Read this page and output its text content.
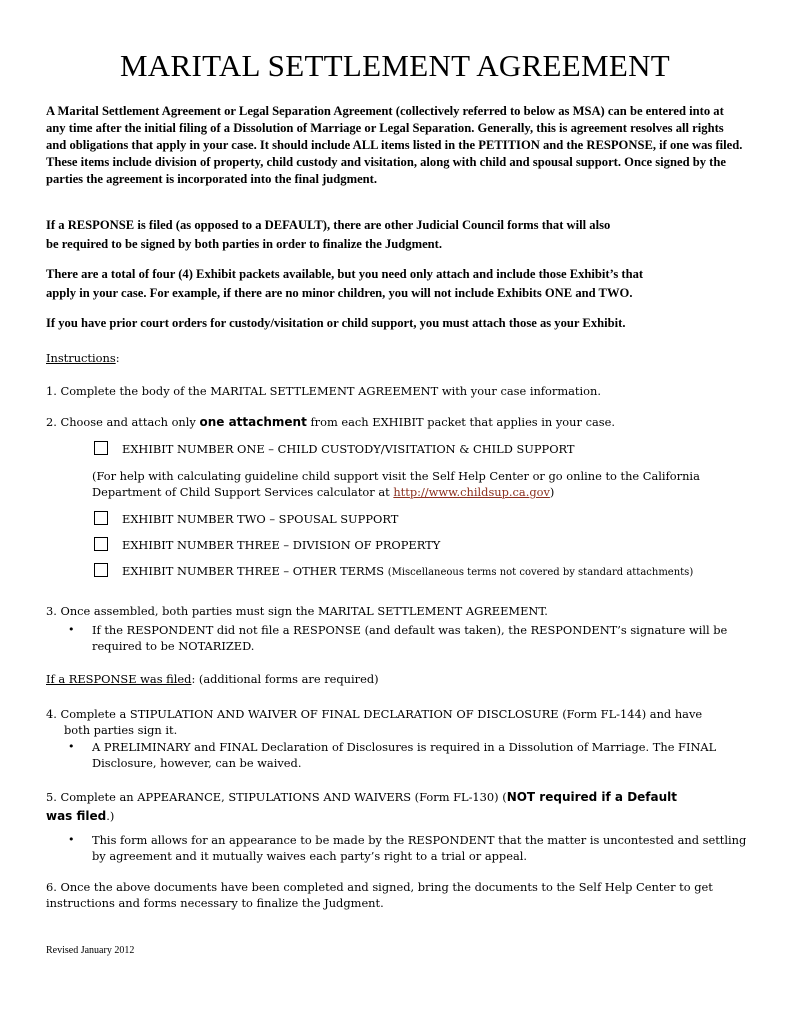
MARITAL SETTLEMENT AGREEMENT
A Marital Settlement Agreement or Legal Separation Agreement (collectively referred to below as MSA) can be entered into at any time after the initial filing of a Dissolution of Marriage or Legal Separation. Generally, this is agreement resolves all rights and obligations that apply in your case. It should include ALL items listed in the PETITION and the RESPONSE, if one was filed. These items include division of property, child custody and visitation, along with child and spousal support. Once signed by the parties the agreement is incorporated into the final judgment.
If a RESPONSE is filed (as opposed to a DEFAULT), there are other Judicial Council forms that will also
be required to be signed by both parties in order to finalize the Judgment.
There are a total of four (4) Exhibit packets available, but you need only attach and include those Exhibit’s that
apply in your case. For example, if there are no minor children, you will not include Exhibits ONE and TWO.
If you have prior court orders for custody/visitation or child support, you must attach those as your Exhibit.
Instructions:
1. Complete the body of the MARITAL SETTLEMENT AGREEMENT with your case information.
2. Choose and attach only one attachment from each EXHIBIT packet that applies in your case.
EXHIBIT NUMBER ONE – CHILD CUSTODY/VISITATION & CHILD SUPPORT
(For help with calculating guideline child support visit the Self Help Center or go online to the California
Department of Child Support Services calculator at http://www.childsup.ca.gov)
EXHIBIT NUMBER TWO – SPOUSAL SUPPORT
EXHIBIT NUMBER THREE – DIVISION OF PROPERTY
EXHIBIT NUMBER THREE – OTHER TERMS (Miscellaneous terms not covered by standard attachments)
3. Once assembled, both parties must sign the MARITAL SETTLEMENT AGREEMENT.
• If the RESPONDENT did not file a RESPONSE (and default was taken), the RESPONDENT’s signature will be required to be NOTARIZED.
If a RESPONSE was filed: (additional forms are required)
4. Complete a STIPULATION AND WAIVER OF FINAL DECLARATION OF DISCLOSURE (Form FL-144) and have
both parties sign it.
• A PRELIMINARY and FINAL Declaration of Disclosures is required in a Dissolution of Marriage. The FINAL Disclosure, however, can be waived.
5. Complete an APPEARANCE, STIPULATIONS AND WAIVERS (Form FL-130) (NOT required if a Default
was filed.)
• This form allows for an appearance to be made by the RESPONDENT that the matter is uncontested and settling by agreement and it mutually waives each party’s right to a trial or appeal.
6. Once the above documents have been completed and signed, bring the documents to the Self Help Center to get
instructions and forms necessary to finalize the Judgment.
Revised January 2012
